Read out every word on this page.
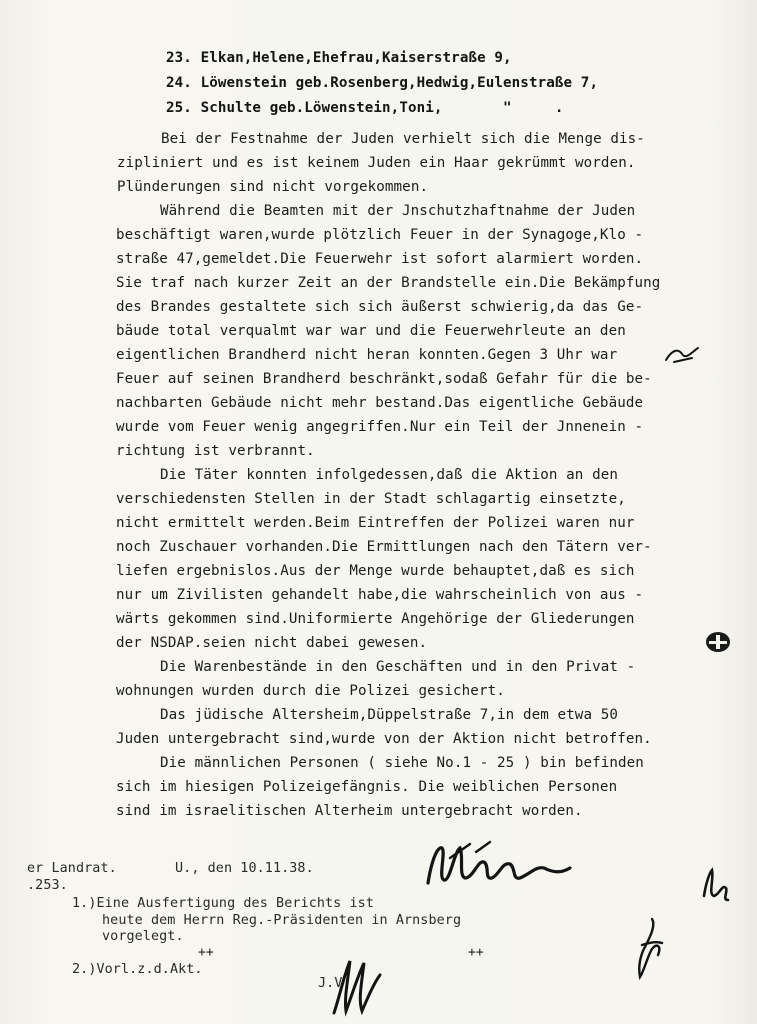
23. Elkan,Helene,Ehefrau,Kaiserstraße 9,
24. Löwenstein geb.Rosenberg,Hedwig,Eulenstraße 7,
25. Schulte geb.Löwenstein,Toni,       "     .
Bei der Festnahme der Juden verhielt sich die Menge dis-
zipliniert und es ist keinem Juden ein Haar gekrümmt worden.
Plünderungen sind nicht vorgekommen.
Während die Beamten mit der Jnschutzhaftnahme der Juden
beschäftigt waren,wurde plötzlich Feuer in der Synagoge,Klo -
straße 47,gemeldet.Die Feuerwehr ist sofort alarmiert worden.
Sie traf nach kurzer Zeit an der Brandstelle ein.Die Bekämpfung
des Brandes gestaltete sich sich äußerst schwierig,da das Ge-
bäude total verqualmt war war und die Feuerwehrleute an den
eigentlichen Brandherd nicht heran konnten.Gegen 3 Uhr war
Feuer auf seinen Brandherd beschränkt,sodaß Gefahr für die be-
nachbarten Gebäude nicht mehr bestand.Das eigentliche Gebäude
wurde vom Feuer wenig angegriffen.Nur ein Teil der Jnnenein -
richtung ist verbrannt.
Die Täter konnten infolgedessen,daß die Aktion an den
verschiedensten Stellen in der Stadt schlagartig einsetzte,
nicht ermittelt werden.Beim Eintreffen der Polizei waren nur
noch Zuschauer vorhanden.Die Ermittlungen nach den Tätern ver-
liefen ergebnislos.Aus der Menge wurde behauptet,daß es sich
nur um Zivilisten gehandelt habe,die wahrscheinlich von aus -
wärts gekommen sind.Uniformierte Angehörige der Gliederungen
der NSDAP.seien nicht dabei gewesen.
Die Warenbestände in den Geschäften und in den Privat -
wohnungen wurden durch die Polizei gesichert.
Das jüdische Altersheim,Düppelstraße 7,in dem etwa 50
Juden untergebracht sind,wurde von der Aktion nicht betroffen.
Die männlichen Personen ( siehe No.1 - 25 ) bin befinden
sich im hiesigen Polizeigefängnis. Die weiblichen Personen
sind im israelitischen Alterheim untergebracht worden.
er Landrat.	U., den 10.11.38.
.253.
1.)Eine Ausfertigung des Berichts ist
heute dem Herrn Reg.-Präsidenten in Arnsberg
vorgelegt.
2.)Vorl.z.d.Akt.
++	++
J.V.
